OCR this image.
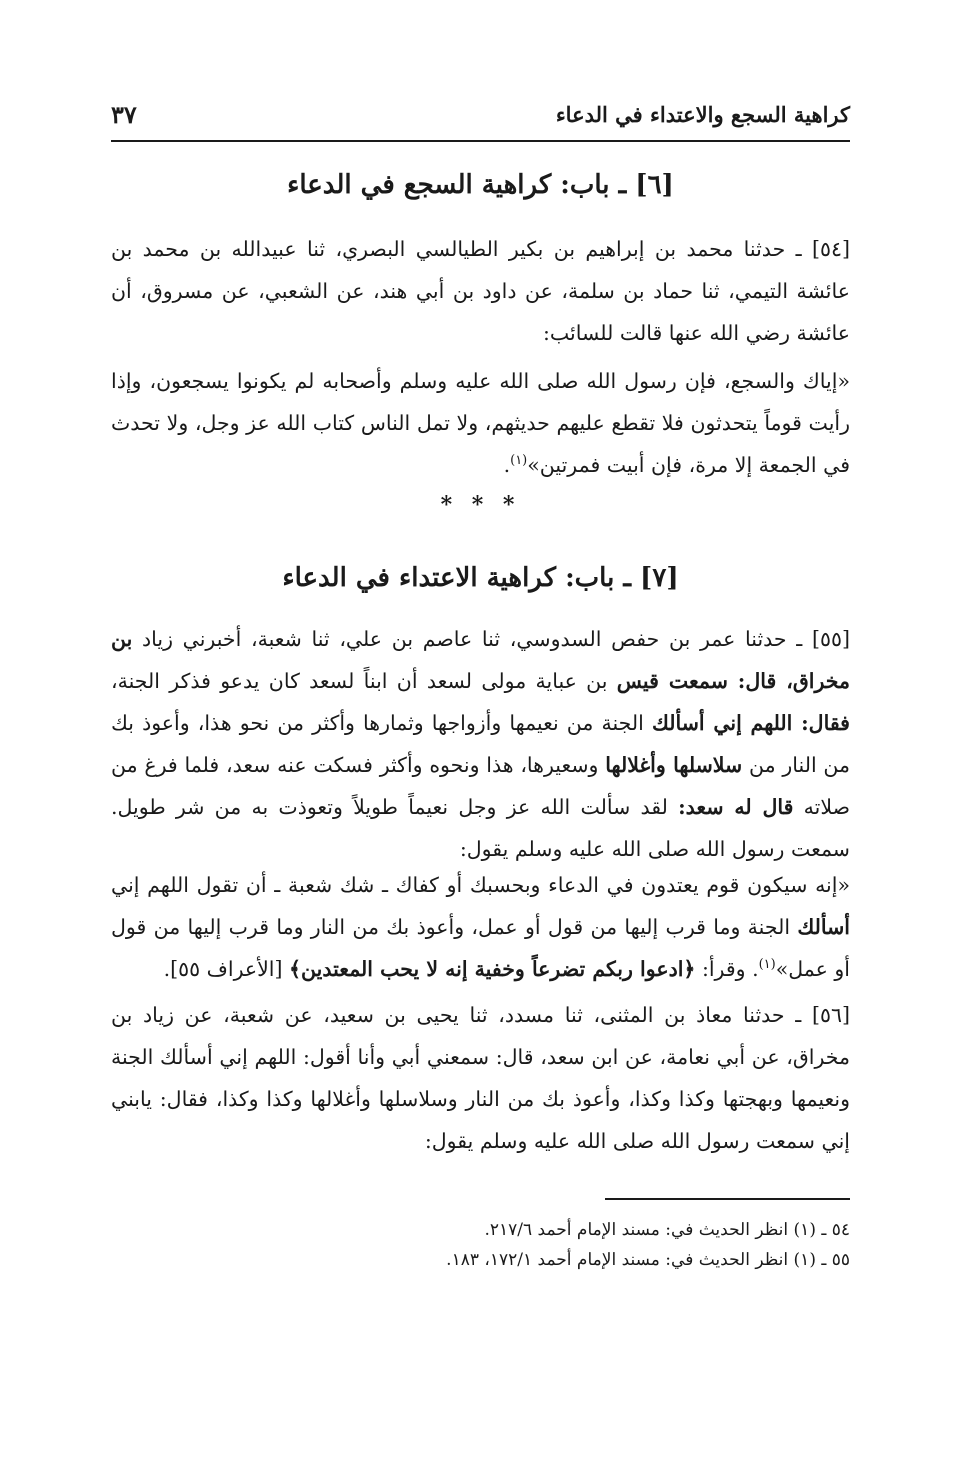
كراهية السجع والاعتداء في الدعاء
٣٧
[٦] ـ باب: كراهية السجع في الدعاء
[٥٤] ـ حدثنا محمد بن إبراهيم بن بكير الطيالسي البصري، ثنا عبيدالله بن محمد بن عائشة التيمي، ثنا حماد بن سلمة، عن داود بن أبي هند، عن الشعبي، عن مسروق، أن عائشة رضي الله عنها قالت للسائب:
«إياك والسجع، فإن رسول الله صلى الله عليه وسلم وأصحابه لم يكونوا يسجعون، وإذا رأيت قوماً يتحدثون فلا تقطع عليهم حديثهم، ولا تمل الناس كتاب الله عز وجل، ولا تحدث في الجمعة إلا مرة، فإن أبيت فمرتين»$^{(١)}$.
* * *
[٧] ـ باب: كراهية الاعتداء في الدعاء
[٥٥] ـ حدثنا عمر بن حفص السدوسي، ثنا عاصم بن علي، ثنا شعبة، أخبرني زياد بن مخراق، قال: سمعت قيس بن عباية مولى لسعد أن ابناً لسعد كان يدعو فذكر الجنة، فقال: اللهم إني أسألك الجنة من نعيمها وأزواجها وثمارها وأكثر من نحو هذا، وأعوذ بك من النار من سلاسلها وأغلالها وسعيرها، هذا ونحوه وأكثر فسكت عنه سعد، فلما فرغ من صلاته قال له سعد: لقد سألت الله عز وجل نعيماً طويلاً وتعوذت به من شر طويل. سمعت رسول الله صلى الله عليه وسلم يقول:
«إنه سيكون قوم يعتدون في الدعاء وبحسبك أو كفاك ـ شك شعبة ـ أن تقول اللهم إني أسألك الجنة وما قرب إليها من قول أو عمل، وأعوذ بك من النار وما قرب إليها من قول أو عمل»$^{(١)}$. وقرأ: ﴿ادعوا ربكم تضرعاً وخفية إنه لا يحب المعتدين﴾ [الأعراف ٥٥].
[٥٦] ـ حدثنا معاذ بن المثنى، ثنا مسدد، ثنا يحيى بن سعيد، عن شعبة، عن زياد بن مخراق، عن أبي نعامة، عن ابن سعد، قال: سمعني أبي وأنا أقول: اللهم إني أسألك الجنة ونعيمها وبهجتها وكذا وكذا، وأعوذ بك من النار وسلاسلها وأغلالها وكذا وكذا، فقال: يابني إني سمعت رسول الله صلى الله عليه وسلم يقول:
٥٤ ـ (١) انظر الحديث في: مسند الإمام أحمد ٢١٧/٦.
٥٥ ـ (١) انظر الحديث في: مسند الإمام أحمد ١٧٢/١، ١٨٣.
